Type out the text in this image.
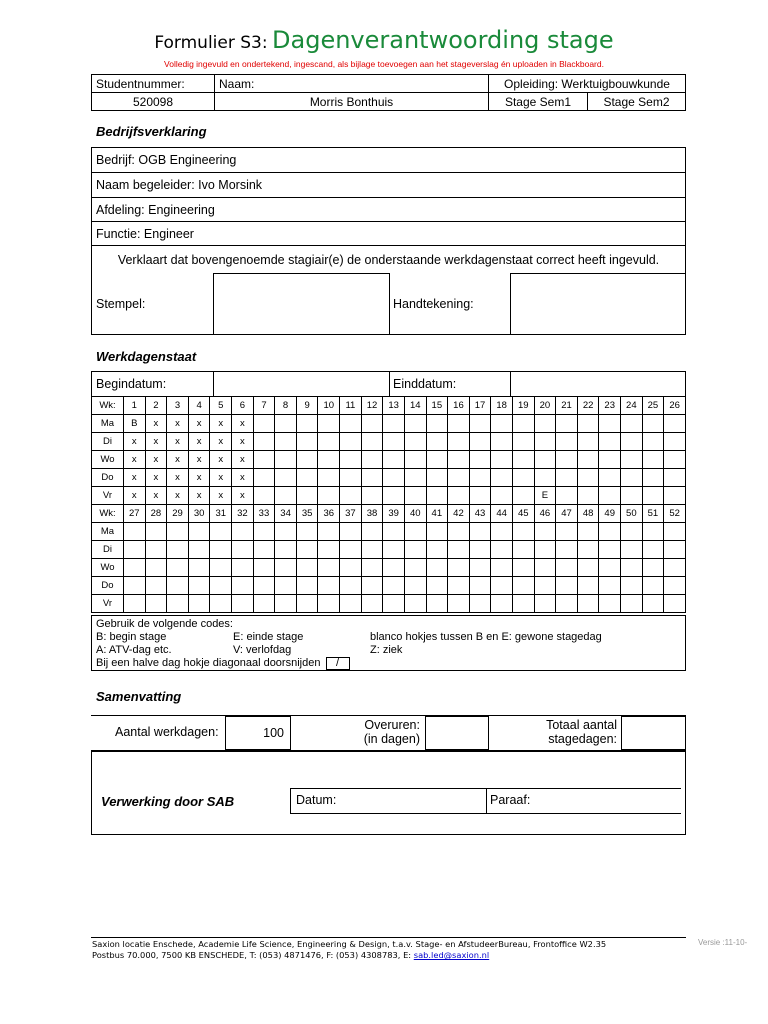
Formulier S3: Dagenverantwoording stage
Volledig ingevuld en ondertekend, ingescand, als bijlage toevoegen aan het stageverslag én uploaden in Blackboard.
Studentnummer:	Naam:	Opleiding: Werktuigbouwkunde	
520098	Morris Bonthuis	Stage Sem1	Stage Sem2
Bedrijfsverklaring
Bedrijf: OGB Engineering
Naam begeleider: Ivo Morsink
Afdeling: Engineering
Functie: Engineer
Verklaart dat bovengenoemde stagiair(e) de onderstaande werkdagenstaat correct heeft ingevuld.
Stempel:		Handtekening:	
Werkdagenstaat
Begindatum:		Einddatum:	
Wk:	1	2	3	4	5	6	7	8	9	10	11	12	13	14	15	16	17	18	19	20	21	22	23	24	25	26
Ma	B	x	x	x	x	x																				
Di	x	x	x	x	x	x																				
Wo	x	x	x	x	x	x																				
Do	x	x	x	x	x	x																				
Vr	x	x	x	x	x	x														E						
Wk:	27	28	29	30	31	32	33	34	35	36	37	38	39	40	41	42	43	44	45	46	47	48	49	50	51	52
Ma																										
Di																										
Wo																										
Do																										
Vr																										
Gebruik de volgende codes:
B: begin stage	E: einde stage	blanco hokjes tussen B en E: gewone stagedag
A: ATV-dag etc.	V: verlofdag	Z: ziek
Bij een halve dag hokje diagonaal doorsnijden /
Samenvatting
Aantal werkdagen:	100
Overuren:
(in dagen)
Totaal aantal
stagedagen:
Verwerking door SAB	Datum:	Paraaf:
Saxion locatie Enschede, Academie Life Science, Engineering & Design, t.a.v. Stage- en AfstudeerBureau, Frontoffice W2.35
Postbus 70.000, 7500 KB ENSCHEDE, T: (053) 4871476, F: (053) 4308783, E: sab.led@saxion.nl
Versie :11-10-
